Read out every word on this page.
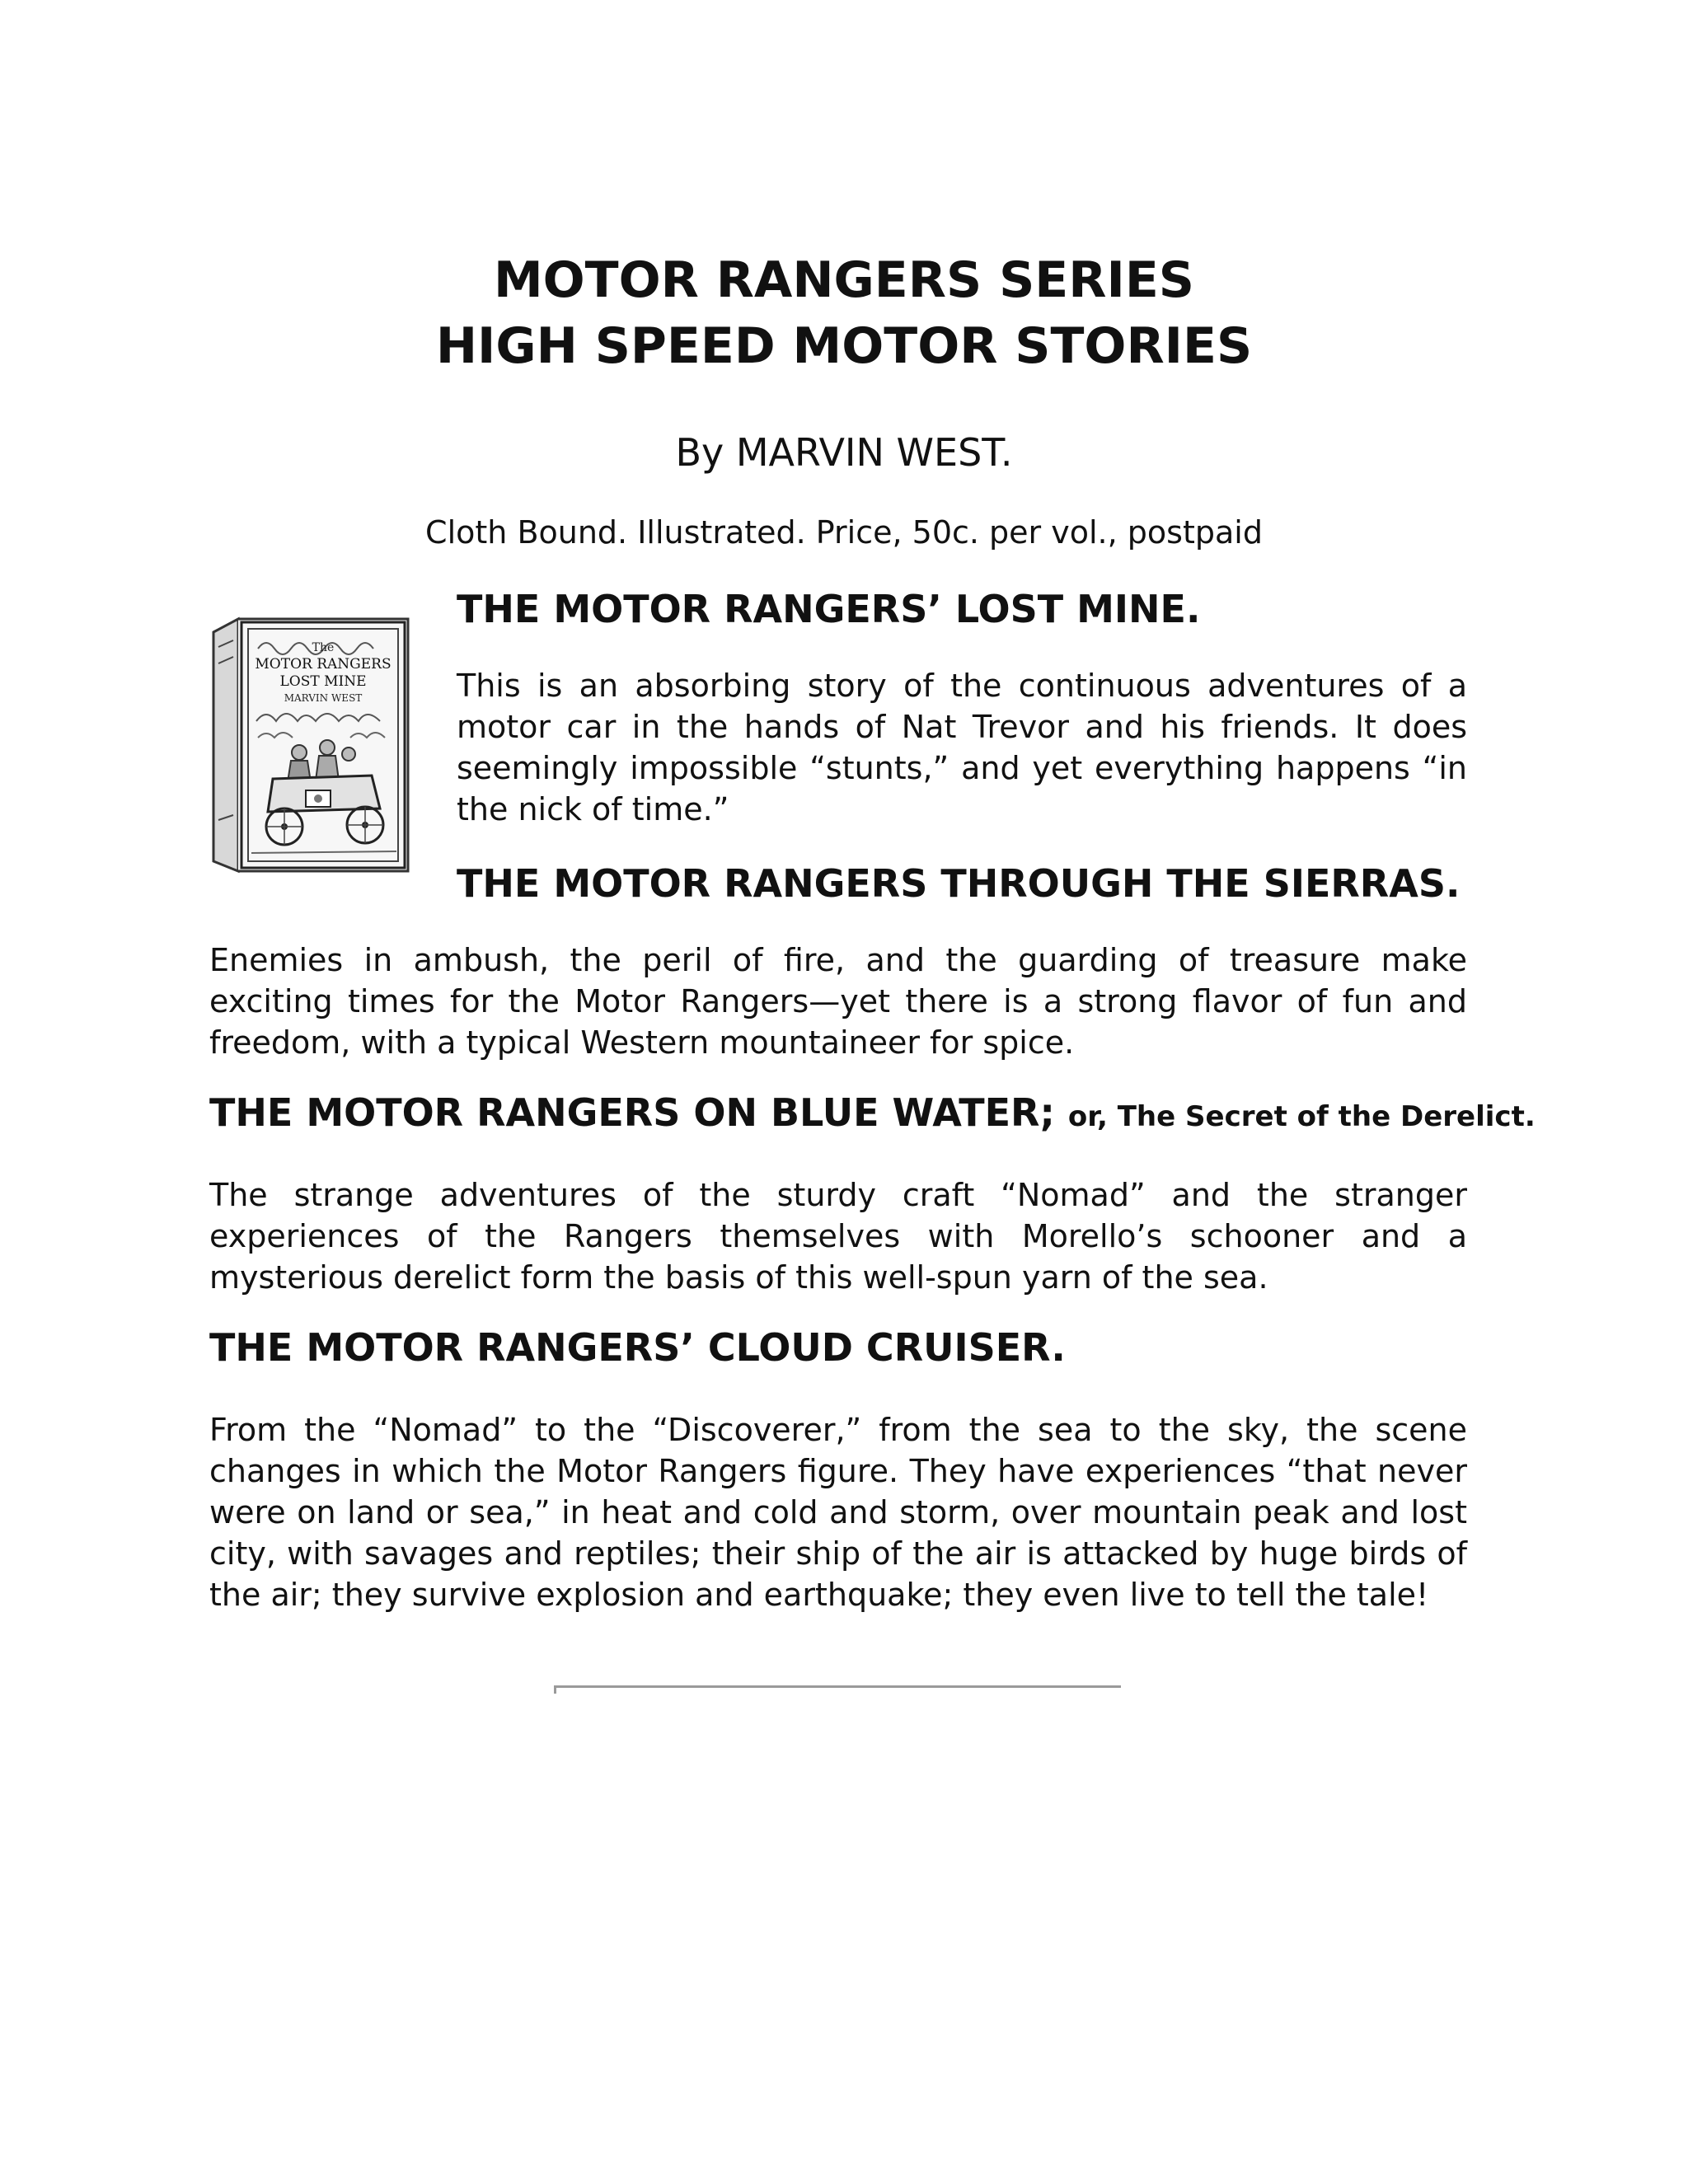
MOTOR RANGERS SERIES
HIGH SPEED MOTOR STORIES

By MARVIN WEST.

Cloth Bound. Illustrated. Price, 50c. per vol., postpaid

The
MOTOR RANGERS
LOST MINE
MARVIN WEST
THE MOTOR RANGERS’ LOST MINE.

This is an absorbing story of the continuous adventures of a motor car in the hands of Nat Trevor and his friends. It does seemingly impossible “stunts,” and yet everything happens “in the nick of time.”

THE MOTOR RANGERS THROUGH THE SIERRAS.

Enemies in ambush, the peril of fire, and the guarding of treasure make exciting times for the Motor Rangers—yet there is a strong flavor of fun and freedom, with a typical Western mountaineer for spice.

THE MOTOR RANGERS ON BLUE WATER; or, The Secret of the Derelict.

The strange adventures of the sturdy craft “Nomad” and the stranger experiences of the Rangers themselves with Morello’s schooner and a mysterious derelict form the basis of this well-spun yarn of the sea.

THE MOTOR RANGERS’ CLOUD CRUISER.

From the “Nomad” to the “Discoverer,” from the sea to the sky, the scene changes in which the Motor Rangers figure. They have experiences “that never were on land or sea,” in heat and cold and storm, over mountain peak and lost city, with savages and reptiles; their ship of the air is attacked by huge birds of the air; they survive explosion and earthquake; they even live to tell the tale!
